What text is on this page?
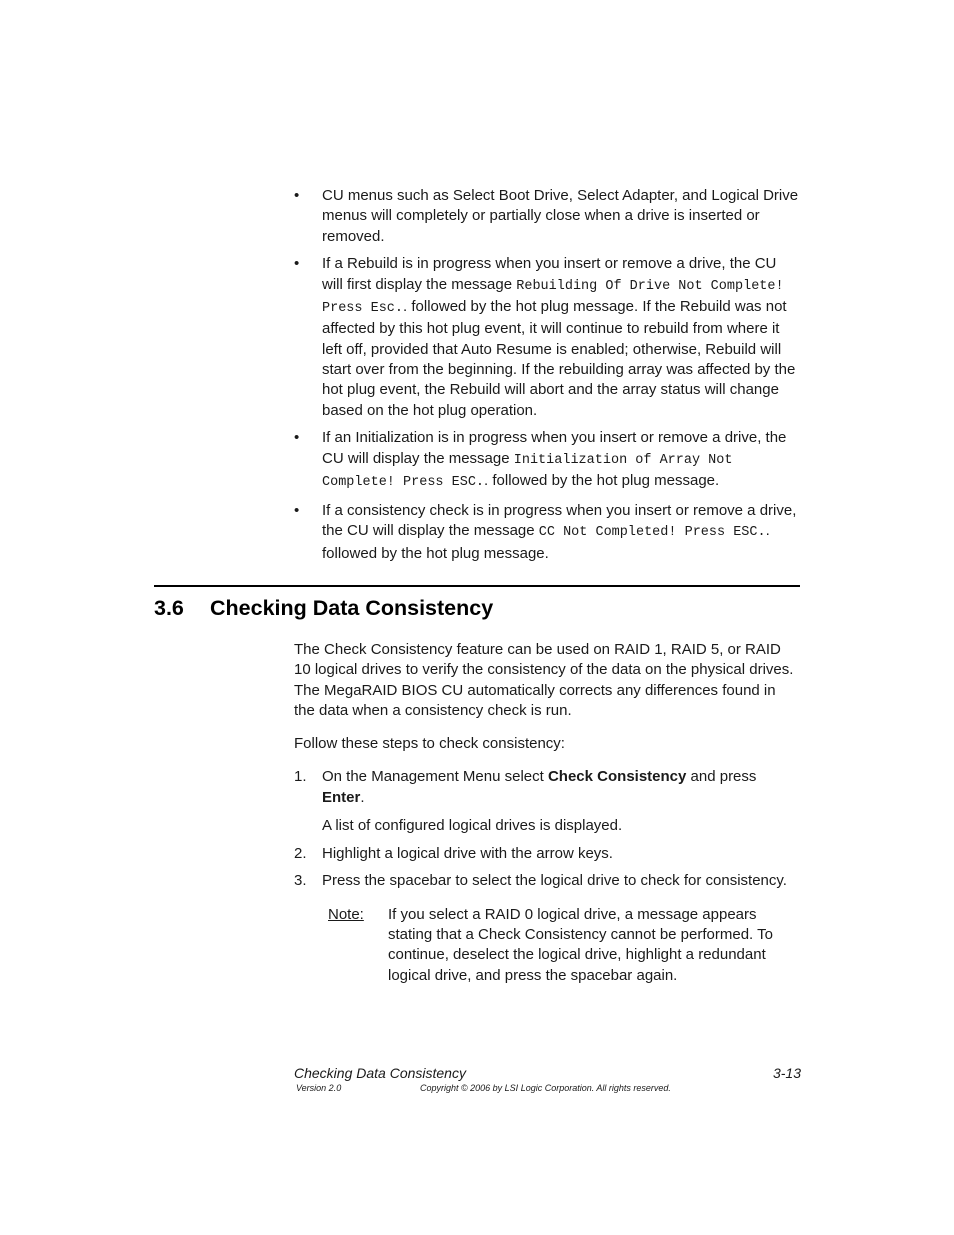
• CU menus such as Select Boot Drive, Select Adapter, and Logical Drive menus will completely or partially close when a drive is inserted or removed.
• If a Rebuild is in progress when you insert or remove a drive, the CU will first display the message Rebuilding Of Drive Not Complete! Press Esc.. followed by the hot plug message. If the Rebuild was not affected by this hot plug event, it will continue to rebuild from where it left off, provided that Auto Resume is enabled; otherwise, Rebuild will start over from the beginning. If the rebuilding array was affected by the hot plug event, the Rebuild will abort and the array status will change based on the hot plug operation.
• If an Initialization is in progress when you insert or remove a drive, the CU will display the message Initialization of Array Not Complete! Press ESC.. followed by the hot plug message.
• If a consistency check is in progress when you insert or remove a drive, the CU will display the message CC Not Completed! Press ESC.. followed by the hot plug message.
3.6 Checking Data Consistency

The Check Consistency feature can be used on RAID 1, RAID 5, or RAID 10 logical drives to verify the consistency of the data on the physical drives. The MegaRAID BIOS CU automatically corrects any differences found in the data when a consistency check is run.

Follow these steps to check consistency:

1. On the Management Menu select Check Consistency and press Enter.
A list of configured logical drives is displayed.
2. Highlight a logical drive with the arrow keys.
3. Press the spacebar to select the logical drive to check for consistency.
Note: If you select a RAID 0 logical drive, a message appears stating that a Check Consistency cannot be performed. To continue, deselect the logical drive, highlight a redundant logical drive, and press the spacebar again.
Checking Data Consistency	3-13
Version 2.0	Copyright © 2006 by LSI Logic Corporation. All rights reserved.
